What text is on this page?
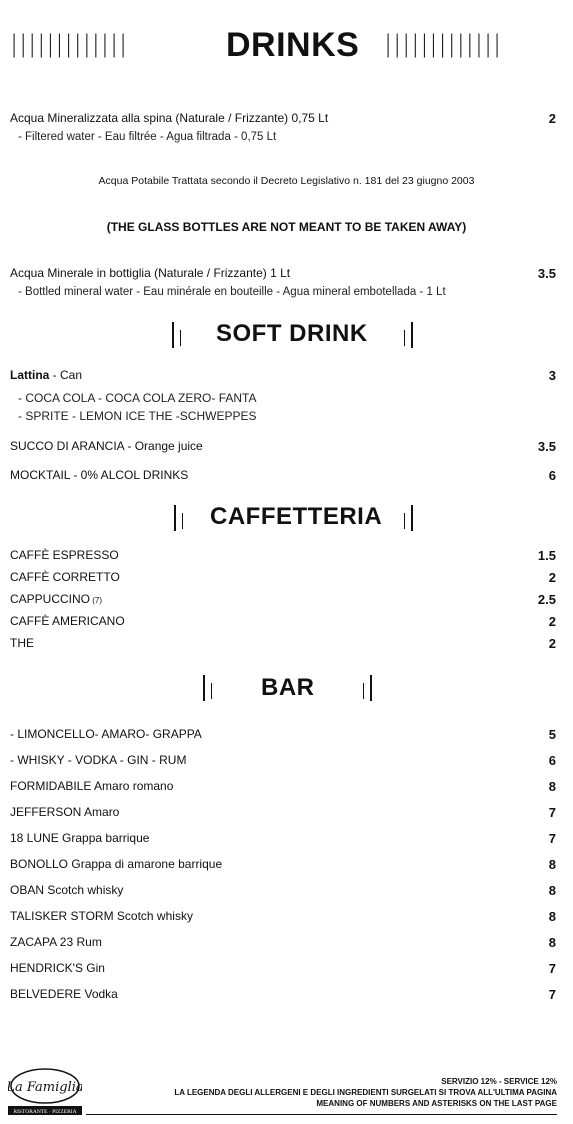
|||||||||||||	DRINKS |||||||||||||
Acqua Mineralizzata alla spina (Naturale / Frizzante) 0,75 Lt	2
- Filtered water - Eau filtrée - Agua filtrada - 0,75 Lt
Acqua Potabile Trattata secondo il Decreto Legislativo n. 181 del 23 giugno 2003
(THE GLASS BOTTLES ARE NOT MEANT TO BE TAKEN AWAY)
Acqua Minerale in bottiglia (Naturale / Frizzante) 1 Lt	3.5
- Bottled mineral water - Eau minérale en bouteille - Agua mineral embotellada - 1 Lt
SOFT DRINK
Lattina - Can	3
- COCA COLA - COCA COLA ZERO- FANTA
- SPRITE - LEMON ICE THE -SCHWEPPES
SUCCO DI ARANCIA - Orange juice	3.5
MOCKTAIL - 0% ALCOL DRINKS	6
CAFFETTERIA
CAFFÈ ESPRESSO	1.5
CAFFÈ CORRETTO	2
CAPPUCCINO (7)	2.5
CAFFÈ AMERICANO	2
THE	2
BAR
- LIMONCELLO- AMARO- GRAPPA	5
- WHISKY - VODKA - GIN - RUM	6
FORMIDABILE Amaro romano	8
JEFFERSON Amaro	7
18 LUNE Grappa barrique	7
BONOLLO Grappa di amarone barrique	8
OBAN Scotch whisky	8
TALISKER STORM Scotch whisky	8
ZACAPA 23 Rum	8
HENDRICK'S Gin	7
BELVEDERE Vodka	7
La Famiglia
RISTORANTE · PIZZERIA
SERVIZIO 12% - SERVICE 12%
LA LEGENDA DEGLI ALLERGENI E DEGLI INGREDIENTI SURGELATI SI TROVA ALL'ULTIMA PAGINA
MEANING OF NUMBERS AND ASTERISKS ON THE LAST PAGE
